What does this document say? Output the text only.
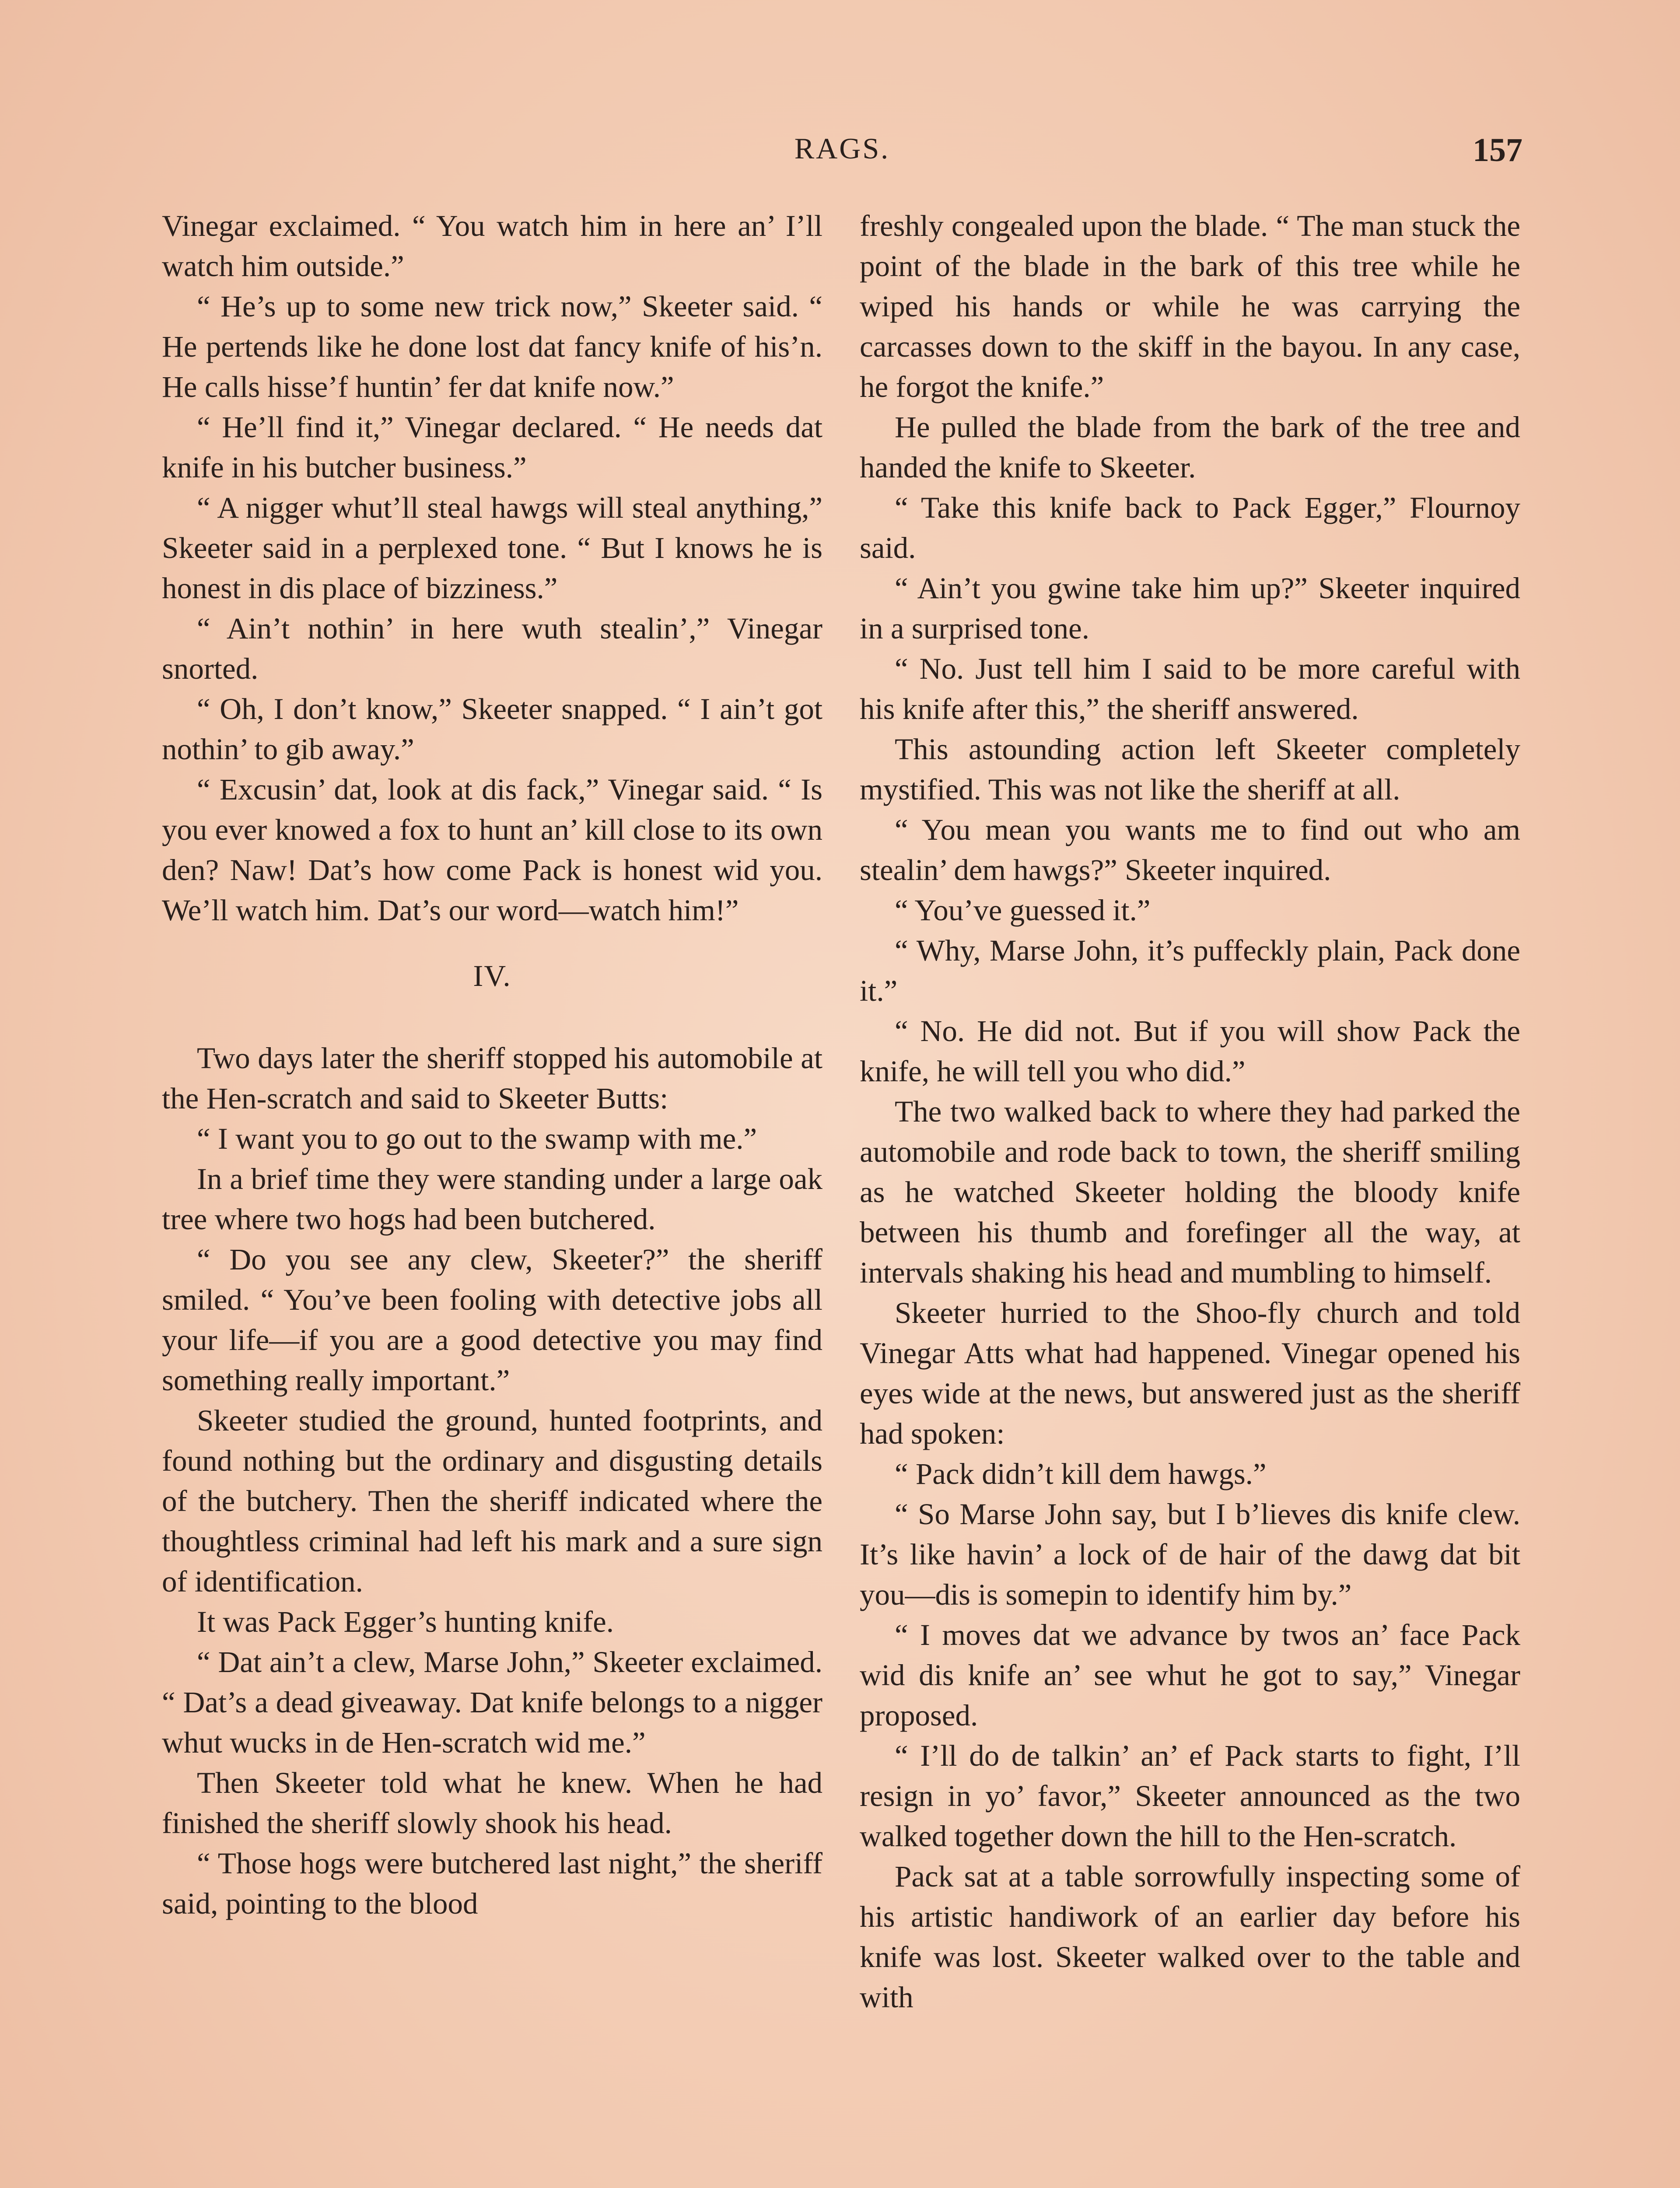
RAGS.	157

Vinegar exclaimed. “ You watch him in here an’ I’ll watch him outside.”

“ He’s up to some new trick now,” Skeeter said. “ He pertends like he done lost dat fancy knife of his’n. He calls hisse’f huntin’ fer dat knife now.”

“ He’ll find it,” Vinegar declared. “ He needs dat knife in his butcher business.”

“ A nigger whut’ll steal hawgs will steal anything,” Skeeter said in a perplexed tone. “ But I knows he is honest in dis place of bizziness.”

“ Ain’t nothin’ in here wuth stealin’,” Vinegar snorted.

“ Oh, I don’t know,” Skeeter snapped. “ I ain’t got nothin’ to gib away.”

“ Excusin’ dat, look at dis fack,” Vinegar said. “ Is you ever knowed a fox to hunt an’ kill close to its own den? Naw! Dat’s how come Pack is honest wid you. We’ll watch him. Dat’s our word—watch him!”

IV.

Two days later the sheriff stopped his automobile at the Hen-scratch and said to Skeeter Butts:

“ I want you to go out to the swamp with me.”

In a brief time they were standing under a large oak tree where two hogs had been butchered.

“ Do you see any clew, Skeeter?” the sheriff smiled. “ You’ve been fooling with detective jobs all your life—if you are a good detective you may find something really important.”

Skeeter studied the ground, hunted footprints, and found nothing but the ordinary and disgusting details of the butchery. Then the sheriff indicated where the thoughtless criminal had left his mark and a sure sign of identification.

It was Pack Egger’s hunting knife.

“ Dat ain’t a clew, Marse John,” Skeeter exclaimed. “ Dat’s a dead giveaway. Dat knife belongs to a nigger whut wucks in de Hen-scratch wid me.”

Then Skeeter told what he knew. When he had finished the sheriff slowly shook his head.

“ Those hogs were butchered last night,” the sheriff said, pointing to the blood

freshly congealed upon the blade. “ The man stuck the point of the blade in the bark of this tree while he wiped his hands or while he was carrying the carcasses down to the skiff in the bayou. In any case, he forgot the knife.”

He pulled the blade from the bark of the tree and handed the knife to Skeeter.

“ Take this knife back to Pack Egger,” Flournoy said.

“ Ain’t you gwine take him up?” Skeeter inquired in a surprised tone.

“ No. Just tell him I said to be more careful with his knife after this,” the sheriff answered.

This astounding action left Skeeter completely mystified. This was not like the sheriff at all.

“ You mean you wants me to find out who am stealin’ dem hawgs?” Skeeter inquired.

“ You’ve guessed it.”

“ Why, Marse John, it’s puffeckly plain, Pack done it.”

“ No. He did not. But if you will show Pack the knife, he will tell you who did.”

The two walked back to where they had parked the automobile and rode back to town, the sheriff smiling as he watched Skeeter holding the bloody knife between his thumb and forefinger all the way, at intervals shaking his head and mumbling to himself.

Skeeter hurried to the Shoo-fly church and told Vinegar Atts what had happened. Vinegar opened his eyes wide at the news, but answered just as the sheriff had spoken:

“ Pack didn’t kill dem hawgs.”

“ So Marse John say, but I b’lieves dis knife clew. It’s like havin’ a lock of de hair of the dawg dat bit you—dis is somepin to identify him by.”

“ I moves dat we advance by twos an’ face Pack wid dis knife an’ see whut he got to say,” Vinegar proposed.

“ I’ll do de talkin’ an’ ef Pack starts to fight, I’ll resign in yo’ favor,” Skeeter announced as the two walked together down the hill to the Hen-scratch.

Pack sat at a table sorrowfully inspecting some of his artistic handiwork of an earlier day before his knife was lost. Skeeter walked over to the table and with
